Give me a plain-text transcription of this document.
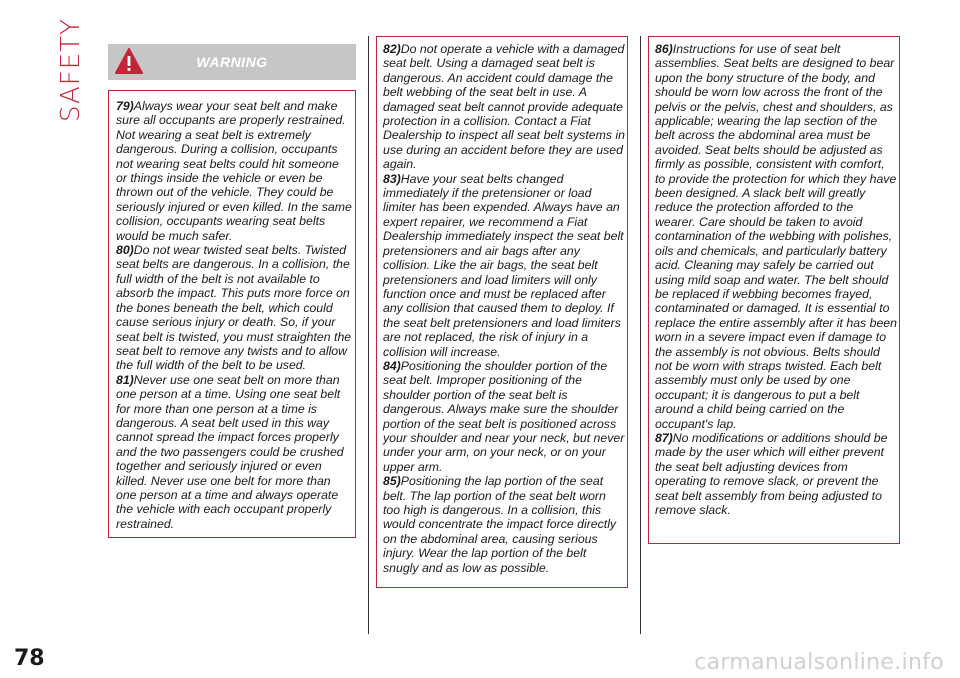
SAFETY	WARNING

79)Always wear your seat belt and make sure all occupants are properly restrained. Not wearing a seat belt is extremely dangerous. During a collision, occupants not wearing seat belts could hit someone or things inside the vehicle or even be thrown out of the vehicle. They could be seriously injured or even killed. In the same collision, occupants wearing seat belts would be much safer.

80)Do not wear twisted seat belts. Twisted seat belts are dangerous. In a collision, the full width of the belt is not available to absorb the impact. This puts more force on the bones beneath the belt, which could cause serious injury or death. So, if your seat belt is twisted, you must straighten the seat belt to remove any twists and to allow the full width of the belt to be used.

81)Never use one seat belt on more than one person at a time. Using one seat belt for more than one person at a time is dangerous. A seat belt used in this way cannot spread the impact forces properly and the two passengers could be crushed together and seriously injured or even killed. Never use one belt for more than one person at a time and always operate the vehicle with each occupant properly restrained.

82)Do not operate a vehicle with a damaged seat belt. Using a damaged seat belt is dangerous. An accident could damage the belt webbing of the seat belt in use. A damaged seat belt cannot provide adequate protection in a collision. Contact a Fiat Dealership to inspect all seat belt systems in use during an accident before they are used again.

83)Have your seat belts changed immediately if the pretensioner or load limiter has been expended. Always have an expert repairer, we recommend a Fiat Dealership immediately inspect the seat belt pretensioners and air bags after any collision. Like the air bags, the seat belt pretensioners and load limiters will only function once and must be replaced after any collision that caused them to deploy. If the seat belt pretensioners and load limiters are not replaced, the risk of injury in a collision will increase.

84)Positioning the shoulder portion of the seat belt. Improper positioning of the shoulder portion of the seat belt is dangerous. Always make sure the shoulder portion of the seat belt is positioned across your shoulder and near your neck, but never under your arm, on your neck, or on your upper arm.

85)Positioning the lap portion of the seat belt. The lap portion of the seat belt worn too high is dangerous. In a collision, this would concentrate the impact force directly on the abdominal area, causing serious injury. Wear the lap portion of the belt snugly and as low as possible.

86)Instructions for use of seat belt assemblies. Seat belts are designed to bear upon the bony structure of the body, and should be worn low across the front of the pelvis or the pelvis, chest and shoulders, as applicable; wearing the lap section of the belt across the abdominal area must be avoided. Seat belts should be adjusted as firmly as possible, consistent with comfort, to provide the protection for which they have been designed. A slack belt will greatly reduce the protection afforded to the wearer. Care should be taken to avoid contamination of the webbing with polishes, oils and chemicals, and particularly battery acid. Cleaning may safely be carried out using mild soap and water. The belt should be replaced if webbing becomes frayed, contaminated or damaged. It is essential to replace the entire assembly after it has been worn in a severe impact even if damage to the assembly is not obvious. Belts should not be worn with straps twisted. Each belt assembly must only be used by one occupant; it is dangerous to put a belt around a child being carried on the occupant's lap.

87)No modifications or additions should be made by the user which will either prevent the seat belt adjusting devices from operating to remove slack, or prevent the seat belt assembly from being adjusted to remove slack.

78	carmanualsonline.info
